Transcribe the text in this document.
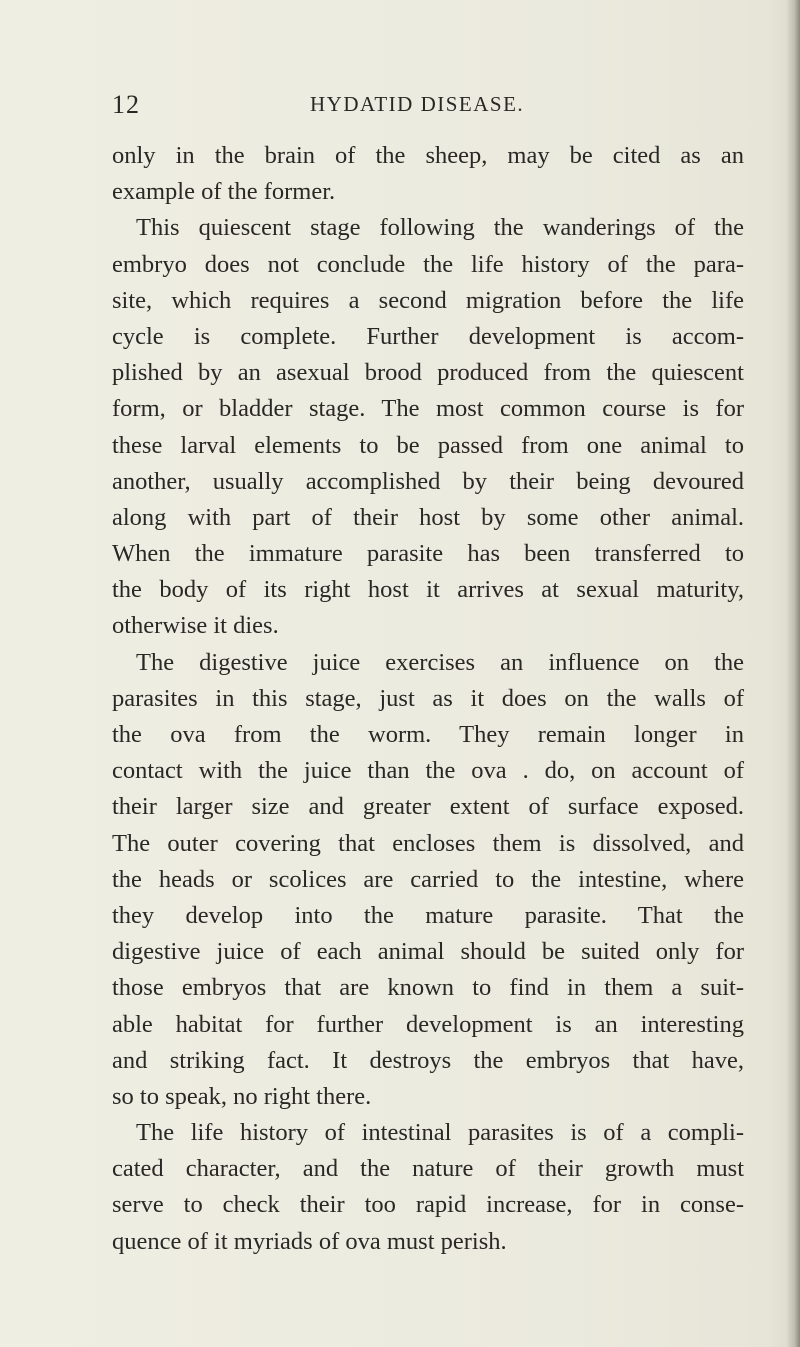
12	HYDATID DISEASE.
only in the brain of the sheep, may be cited as an
example of the former.
This quiescent stage following the wanderings of the
embryo does not conclude the life history of the para-
site, which requires a second migration before the life
cycle is complete. Further development is accom-
plished by an asexual brood produced from the quiescent
form, or bladder stage. The most common course is for
these larval elements to be passed from one animal to
another, usually accomplished by their being devoured
along with part of their host by some other animal.
When the immature parasite has been transferred to
the body of its right host it arrives at sexual maturity,
otherwise it dies.
The digestive juice exercises an influence on the
parasites in this stage, just as it does on the walls of
the ova from the worm. They remain longer in
contact with the juice than the ova . do, on account of
their larger size and greater extent of surface exposed.
The outer covering that encloses them is dissolved, and
the heads or scolices are carried to the intestine, where
they develop into the mature parasite. That the
digestive juice of each animal should be suited only for
those embryos that are known to find in them a suit-
able habitat for further development is an interesting
and striking fact. It destroys the embryos that have,
so to speak, no right there.
The life history of intestinal parasites is of a compli-
cated character, and the nature of their growth must
serve to check their too rapid increase, for in conse-
quence of it myriads of ova must perish.
